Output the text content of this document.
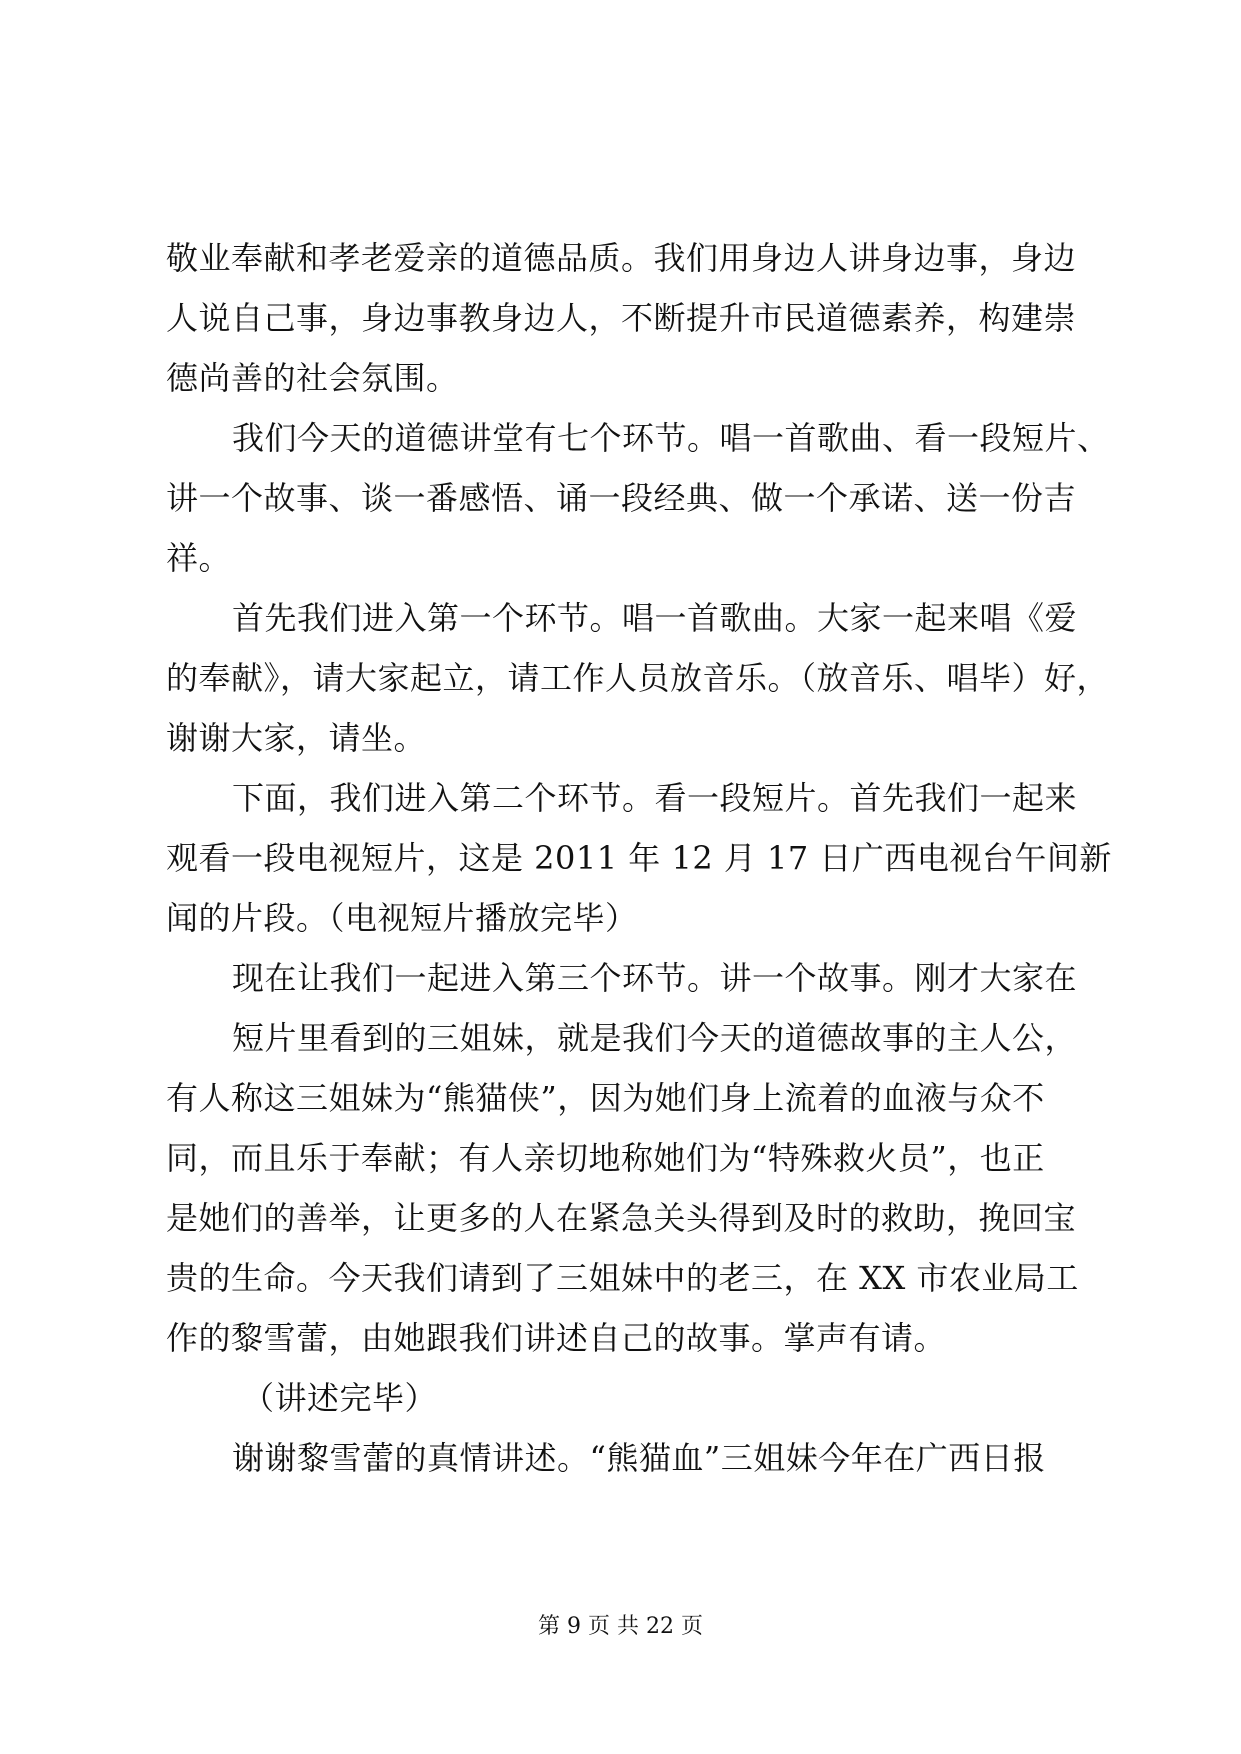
敬业奉献和孝老爱亲的道德品质。我们用身边人讲身边事，身边
人说自己事，身边事教身边人，不断提升市民道德素养，构建崇
德尚善的社会氛围。
我们今天的道德讲堂有七个环节。唱一首歌曲、看一段短片、
讲一个故事、谈一番感悟、诵一段经典、做一个承诺、送一份吉
祥。
首先我们进入第一个环节。唱一首歌曲。大家一起来唱《爱
的奉献》，请大家起立，请工作人员放音乐。（放音乐、唱毕）好，
谢谢大家，请坐。
下面，我们进入第二个环节。看一段短片。首先我们一起来
观看一段电视短片，这是 2011 年 12 月 17 日广西电视台午间新
闻的片段。（电视短片播放完毕）
现在让我们一起进入第三个环节。讲一个故事。刚才大家在
短片里看到的三姐妹，就是我们今天的道德故事的主人公，
有人称这三姐妹为“熊猫侠”，因为她们身上流着的血液与众不
同，而且乐于奉献；有人亲切地称她们为“特殊救火员”，也正
是她们的善举，让更多的人在紧急关头得到及时的救助，挽回宝
贵的生命。今天我们请到了三姐妹中的老三，在 XX 市农业局工
作的黎雪蕾，由她跟我们讲述自己的故事。掌声有请。
（讲述完毕）
谢谢黎雪蕾的真情讲述。“熊猫血”三姐妹今年在广西日报
第 9 页 共 22 页
